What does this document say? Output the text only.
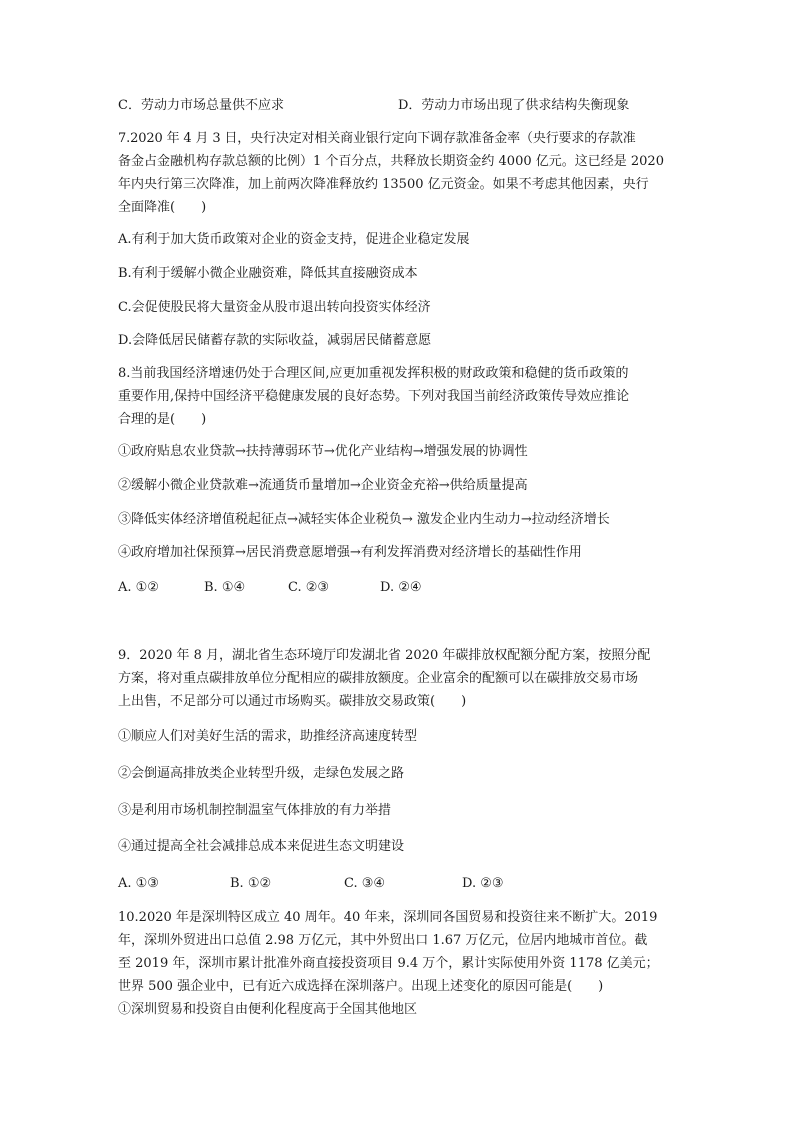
C．劳动力市场总量供不应求	D．劳动力市场出现了供求结构失衡现象
7.2020 年 4 月 3 日，央行决定对相关商业银行定向下调存款准备金率（央行要求的存款准
备金占金融机构存款总额的比例）1 个百分点，共释放长期资金约 4000 亿元。这已经是 2020
年内央行第三次降准，加上前两次降准释放约 13500 亿元资金。如果不考虑其他因素，央行
全面降准(　　)
A.有利于加大货币政策对企业的资金支持，促进企业稳定发展
B.有利于缓解小微企业融资难，降低其直接融资成本
C.会促使股民将大量资金从股市退出转向投资实体经济
D.会降低居民储蓄存款的实际收益，减弱居民储蓄意愿
8.当前我国经济增速仍处于合理区间,应更加重视发挥积极的财政政策和稳健的货币政策的
重要作用,保持中国经济平稳健康发展的良好态势。下列对我国当前经济政策传导效应推论
合理的是(　　)
①政府贴息农业贷款→扶持薄弱环节→优化产业结构→增强发展的协调性
②缓解小微企业贷款难→流通货币量增加→企业资金充裕→供给质量提高
③降低实体经济增值税起征点→减轻实体企业税负→ 激发企业内生动力→拉动经济增长
④政府增加社保预算→居民消费意愿增强→有利发挥消费对经济增长的基础性作用
A. ①②	B. ①④	C. ②③	D. ②④
9．2020 年 8 月，湖北省生态环境厅印发湖北省 2020 年碳排放权配额分配方案，按照分配
方案，将对重点碳排放单位分配相应的碳排放额度。企业富余的配额可以在碳排放交易市场
上出售，不足部分可以通过市场购买。碳排放交易政策(　　)
①顺应人们对美好生活的需求，助推经济高速度转型
②会倒逼高排放类企业转型升级，走绿色发展之路
③是利用市场机制控制温室气体排放的有力举措
④通过提高全社会减排总成本来促进生态文明建设
A. ①③	B. ①②	C. ③④	D. ②③
10.2020 年是深圳特区成立 40 周年。40 年来，深圳同各国贸易和投资往来不断扩大。2019
年，深圳外贸进出口总值 2.98 万亿元，其中外贸出口 1.67 万亿元，位居内地城市首位。截
至 2019 年，深圳市累计批准外商直接投资项目 9.4 万个，累计实际使用外资 1178 亿美元；
世界 500 强企业中，已有近六成选择在深圳落户。出现上述变化的原因可能是(　　)
①深圳贸易和投资自由便利化程度高于全国其他地区
